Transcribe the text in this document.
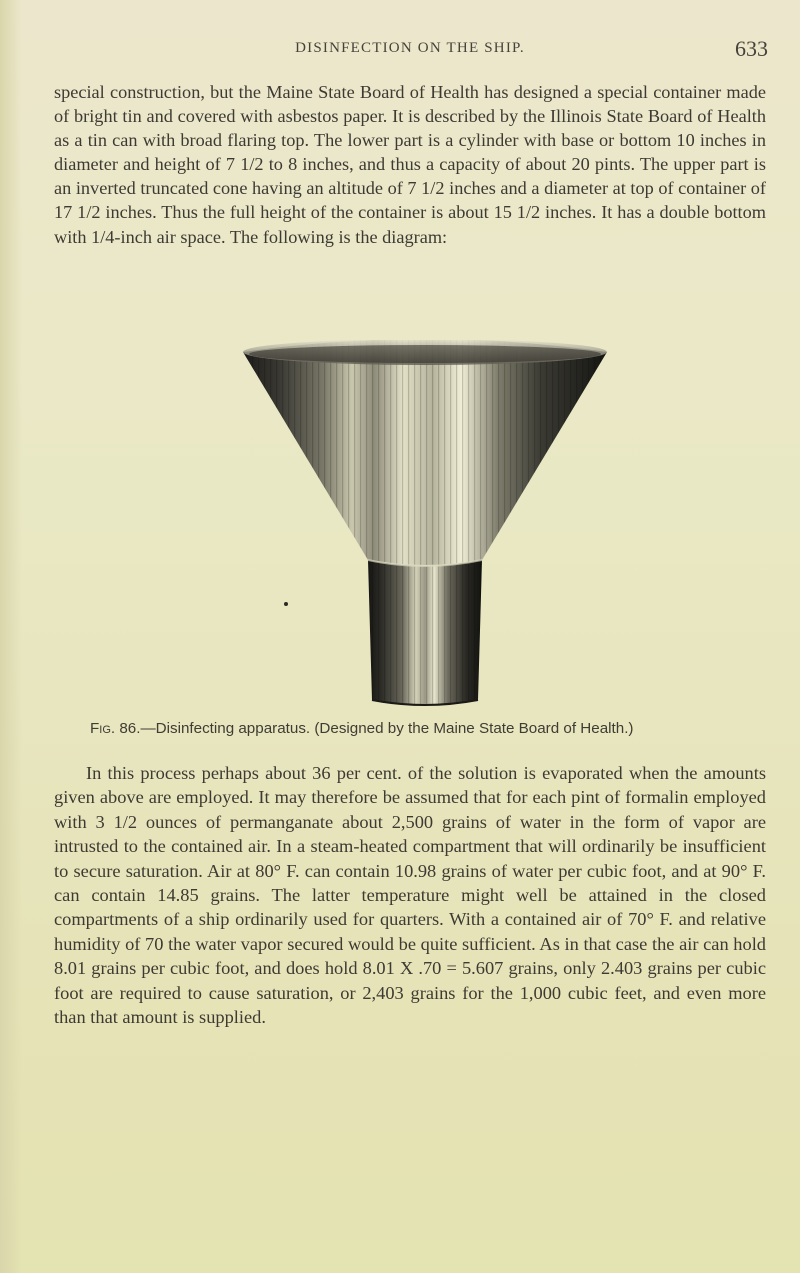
DISINFECTION ON THE SHIP.	633

special construction, but the Maine State Board of Health has designed a special container made of bright tin and covered with asbestos paper. It is described by the Illinois State Board of Health as a tin can with broad flaring top. The lower part is a cylinder with base or bottom 10 inches in diameter and height of 7 1/2 to 8 inches, and thus a capacity of about 20 pints. The upper part is an inverted truncated cone having an altitude of 7 1/2 inches and a diameter at top of container of 17 1/2 inches. Thus the full height of the container is about 15 1/2 inches. It has a double bottom with 1/4-inch air space. The following is the diagram:

Fig. 86.—Disinfecting apparatus. (Designed by the Maine State Board of Health.)

In this process perhaps about 36 per cent. of the solution is evaporated when the amounts given above are employed. It may therefore be assumed that for each pint of formalin employed with 3 1/2 ounces of permanganate about 2,500 grains of water in the form of vapor are intrusted to the contained air. In a steam-heated compartment that will ordinarily be insufficient to secure saturation. Air at 80° F. can contain 10.98 grains of water per cubic foot, and at 90° F. can contain 14.85 grains. The latter temperature might well be attained in the closed compartments of a ship ordinarily used for quarters. With a contained air of 70° F. and relative humidity of 70 the water vapor secured would be quite sufficient. As in that case the air can hold 8.01 grains per cubic foot, and does hold 8.01 X .70 = 5.607 grains, only 2.403 grains per cubic foot are required to cause saturation, or 2,403 grains for the 1,000 cubic feet, and even more than that amount is supplied.
